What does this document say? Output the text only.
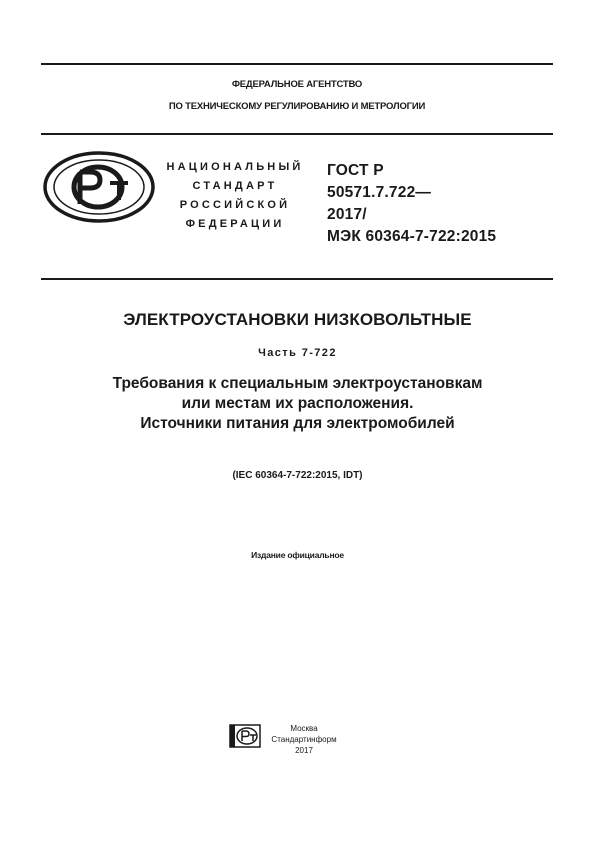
ФЕДЕРАЛЬНОЕ АГЕНТСТВО
ПО ТЕХНИЧЕСКОМУ РЕГУЛИРОВАНИЮ И МЕТРОЛОГИИ
НАЦИОНАЛЬНЫЙ
СТАНДАРТ
РОССИЙСКОЙ
ФЕДЕРАЦИИ
ГОСТ Р
50571.7.722—
2017/
МЭК 60364-7-722:2015
ЭЛЕКТРОУСТАНОВКИ НИЗКОВОЛЬТНЫЕ
Часть 7-722
Требования к специальным электроустановкам
или местам их расположения.
Источники питания для электромобилей
(IEC 60364-7-722:2015, IDT)
Издание официальное
Москва
Стандартинформ
2017
